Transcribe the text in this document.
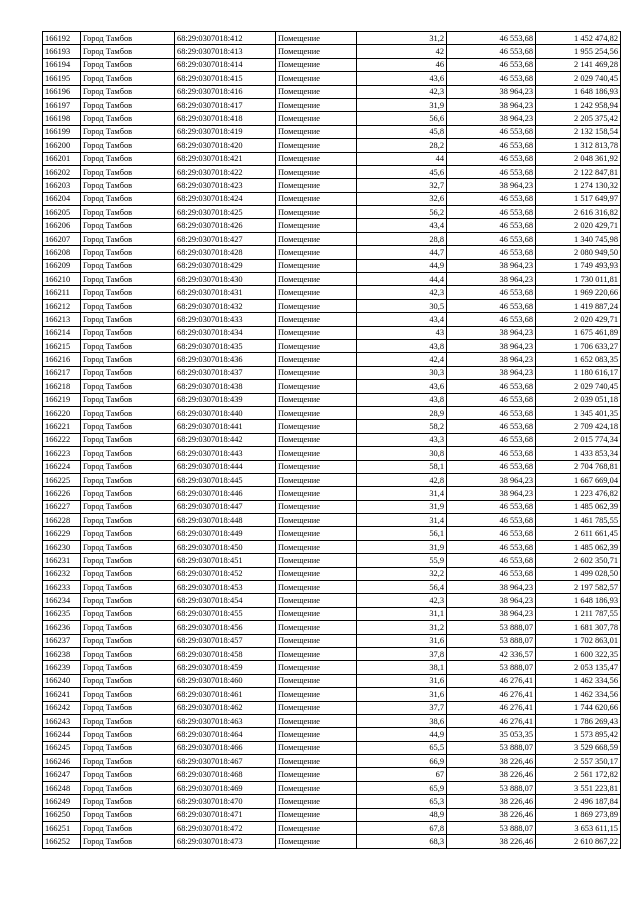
166192	Город Тамбов	68:29:0307018:412	Помещение	31,2	46 553,68	1 452 474,82
166193	Город Тамбов	68:29:0307018:413	Помещение	42	46 553,68	1 955 254,56
166194	Город Тамбов	68:29:0307018:414	Помещение	46	46 553,68	2 141 469,28
166195	Город Тамбов	68:29:0307018:415	Помещение	43,6	46 553,68	2 029 740,45
166196	Город Тамбов	68:29:0307018:416	Помещение	42,3	38 964,23	1 648 186,93
166197	Город Тамбов	68:29:0307018:417	Помещение	31,9	38 964,23	1 242 958,94
166198	Город Тамбов	68:29:0307018:418	Помещение	56,6	38 964,23	2 205 375,42
166199	Город Тамбов	68:29:0307018:419	Помещение	45,8	46 553,68	2 132 158,54
166200	Город Тамбов	68:29:0307018:420	Помещение	28,2	46 553,68	1 312 813,78
166201	Город Тамбов	68:29:0307018:421	Помещение	44	46 553,68	2 048 361,92
166202	Город Тамбов	68:29:0307018:422	Помещение	45,6	46 553,68	2 122 847,81
166203	Город Тамбов	68:29:0307018:423	Помещение	32,7	38 964,23	1 274 130,32
166204	Город Тамбов	68:29:0307018:424	Помещение	32,6	46 553,68	1 517 649,97
166205	Город Тамбов	68:29:0307018:425	Помещение	56,2	46 553,68	2 616 316,82
166206	Город Тамбов	68:29:0307018:426	Помещение	43,4	46 553,68	2 020 429,71
166207	Город Тамбов	68:29:0307018:427	Помещение	28,8	46 553,68	1 340 745,98
166208	Город Тамбов	68:29:0307018:428	Помещение	44,7	46 553,68	2 080 949,50
166209	Город Тамбов	68:29:0307018:429	Помещение	44,9	38 964,23	1 749 493,93
166210	Город Тамбов	68:29:0307018:430	Помещение	44,4	38 964,23	1 730 011,81
166211	Город Тамбов	68:29:0307018:431	Помещение	42,3	46 553,68	1 969 220,66
166212	Город Тамбов	68:29:0307018:432	Помещение	30,5	46 553,68	1 419 887,24
166213	Город Тамбов	68:29:0307018:433	Помещение	43,4	46 553,68	2 020 429,71
166214	Город Тамбов	68:29:0307018:434	Помещение	43	38 964,23	1 675 461,89
166215	Город Тамбов	68:29:0307018:435	Помещение	43,8	38 964,23	1 706 633,27
166216	Город Тамбов	68:29:0307018:436	Помещение	42,4	38 964,23	1 652 083,35
166217	Город Тамбов	68:29:0307018:437	Помещение	30,3	38 964,23	1 180 616,17
166218	Город Тамбов	68:29:0307018:438	Помещение	43,6	46 553,68	2 029 740,45
166219	Город Тамбов	68:29:0307018:439	Помещение	43,8	46 553,68	2 039 051,18
166220	Город Тамбов	68:29:0307018:440	Помещение	28,9	46 553,68	1 345 401,35
166221	Город Тамбов	68:29:0307018:441	Помещение	58,2	46 553,68	2 709 424,18
166222	Город Тамбов	68:29:0307018:442	Помещение	43,3	46 553,68	2 015 774,34
166223	Город Тамбов	68:29:0307018:443	Помещение	30,8	46 553,68	1 433 853,34
166224	Город Тамбов	68:29:0307018:444	Помещение	58,1	46 553,68	2 704 768,81
166225	Город Тамбов	68:29:0307018:445	Помещение	42,8	38 964,23	1 667 669,04
166226	Город Тамбов	68:29:0307018:446	Помещение	31,4	38 964,23	1 223 476,82
166227	Город Тамбов	68:29:0307018:447	Помещение	31,9	46 553,68	1 485 062,39
166228	Город Тамбов	68:29:0307018:448	Помещение	31,4	46 553,68	1 461 785,55
166229	Город Тамбов	68:29:0307018:449	Помещение	56,1	46 553,68	2 611 661,45
166230	Город Тамбов	68:29:0307018:450	Помещение	31,9	46 553,68	1 485 062,39
166231	Город Тамбов	68:29:0307018:451	Помещение	55,9	46 553,68	2 602 350,71
166232	Город Тамбов	68:29:0307018:452	Помещение	32,2	46 553,68	1 499 028,50
166233	Город Тамбов	68:29:0307018:453	Помещение	56,4	38 964,23	2 197 582,57
166234	Город Тамбов	68:29:0307018:454	Помещение	42,3	38 964,23	1 648 186,93
166235	Город Тамбов	68:29:0307018:455	Помещение	31,1	38 964,23	1 211 787,55
166236	Город Тамбов	68:29:0307018:456	Помещение	31,2	53 888,07	1 681 307,78
166237	Город Тамбов	68:29:0307018:457	Помещение	31,6	53 888,07	1 702 863,01
166238	Город Тамбов	68:29:0307018:458	Помещение	37,8	42 336,57	1 600 322,35
166239	Город Тамбов	68:29:0307018:459	Помещение	38,1	53 888,07	2 053 135,47
166240	Город Тамбов	68:29:0307018:460	Помещение	31,6	46 276,41	1 462 334,56
166241	Город Тамбов	68:29:0307018:461	Помещение	31,6	46 276,41	1 462 334,56
166242	Город Тамбов	68:29:0307018:462	Помещение	37,7	46 276,41	1 744 620,66
166243	Город Тамбов	68:29:0307018:463	Помещение	38,6	46 276,41	1 786 269,43
166244	Город Тамбов	68:29:0307018:464	Помещение	44,9	35 053,35	1 573 895,42
166245	Город Тамбов	68:29:0307018:466	Помещение	65,5	53 888,07	3 529 668,59
166246	Город Тамбов	68:29:0307018:467	Помещение	66,9	38 226,46	2 557 350,17
166247	Город Тамбов	68:29:0307018:468	Помещение	67	38 226,46	2 561 172,82
166248	Город Тамбов	68:29:0307018:469	Помещение	65,9	53 888,07	3 551 223,81
166249	Город Тамбов	68:29:0307018:470	Помещение	65,3	38 226,46	2 496 187,84
166250	Город Тамбов	68:29:0307018:471	Помещение	48,9	38 226,46	1 869 273,89
166251	Город Тамбов	68:29:0307018:472	Помещение	67,8	53 888,07	3 653 611,15
166252	Город Тамбов	68:29:0307018:473	Помещение	68,3	38 226,46	2 610 867,22
